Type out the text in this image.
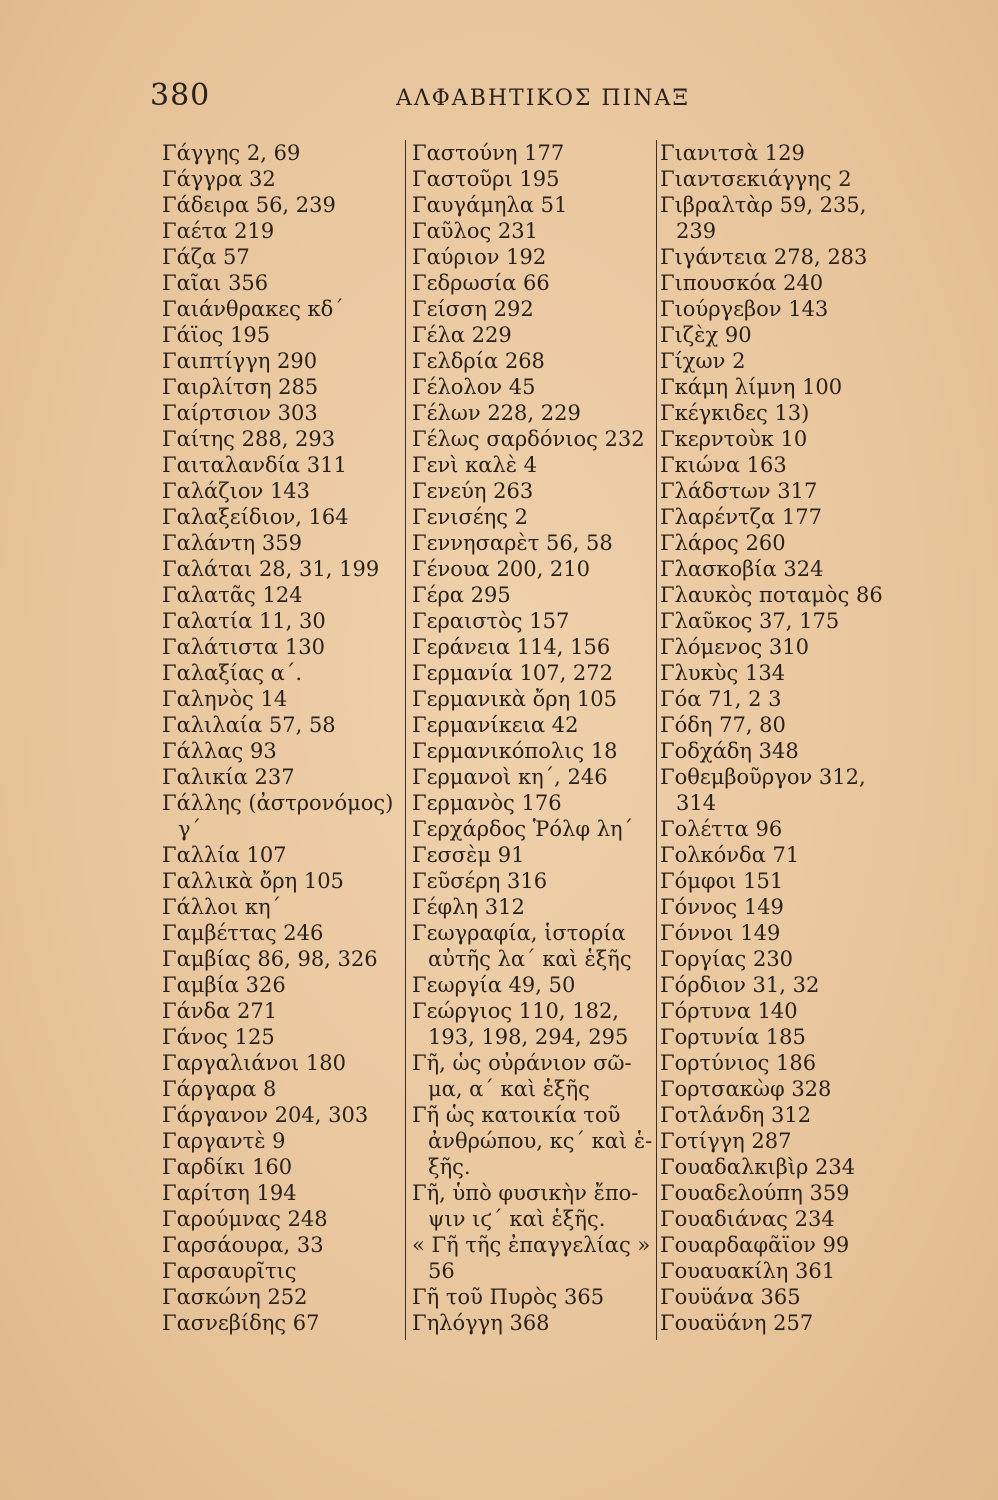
380	ΑΛΦΑΒΗΤΙΚΟΣ ΠΙΝΑΞ
Γάγγης 2, 69
Γάγγρα 32
Γάδειρα 56, 239
Γαέτα 219
Γάζα 57
Γαῖαι 356
Γαιάνθρακες κδ΄
Γάϊος 195
Γαιπτίγγη 290
Γαιρλίτση 285
Γαίρτσιον 303
Γαίτης 288, 293
Γαιταλανδία 311
Γαλάζιον 143
Γαλαξείδιον, 164
Γαλάντη 359
Γαλάται 28, 31, 199
Γαλατᾶς 124
Γαλατία 11, 30
Γαλάτιστα 130
Γαλαξίας α΄.
Γαληνὸς 14
Γαλιλαία 57, 58
Γάλλας 93
Γαλικία 237
Γάλλης (ἀστρονόμος)
γ΄
Γαλλία 107
Γαλλικὰ ὄρη 105
Γάλλοι κη΄
Γαμβέττας 246
Γαμβίας 86, 98, 326
Γαμβία 326
Γάνδα 271
Γάνος 125
Γαργαλιάνοι 180
Γάργαρα 8
Γάργανον 204, 303
Γαργαντὲ 9
Γαρδίκι 160
Γαρίτση 194
Γαρούμνας 248
Γαρσάουρα, 33
Γαρσαυρῖτις
Γασκώνη 252
Γασνεβίδης 67
Γαστούνη 177
Γαστοῦρι 195
Γαυγάμηλα 51
Γαῦλος 231
Γαύριον 192
Γεδρωσία 66
Γείσση 292
Γέλα 229
Γελδρία 268
Γέλολον 45
Γέλων 228, 229
Γέλως σαρδόνιος 232
Γενὶ καλὲ 4
Γενεύη 263
Γενισέης 2
Γεννησαρὲτ 56, 58
Γένουα 200, 210
Γέρα 295
Γεραιστὸς 157
Γεράνεια 114, 156
Γερμανία 107, 272
Γερμανικὰ ὄρη 105
Γερμανίκεια 42
Γερμανικόπολις 18
Γερμανοὶ κη΄, 246
Γερμανὸς 176
Γερχάρδος Ῥόλφ λη΄
Γεσσὲμ 91
Γεῦσέρη 316
Γέφλη 312
Γεωγραφία, ἱστορία
αὐτῆς λα΄ καὶ ἑξῆς
Γεωργία 49, 50
Γεώργιος 110, 182,
193, 198, 294, 295
Γῆ, ὡς οὐράνιον σῶ-
μα, α΄ καὶ ἑξῆς
Γῆ ὡς κατοικία τοῦ
ἀνθρώπου, κς΄ καὶ ἑ-
ξῆς.
Γῆ, ὑπὸ φυσικὴν ἔπο-
ψιν ιϛ΄ καὶ ἑξῆς.
« Γῆ τῆς ἐπαγγελίας »
56
Γῆ τοῦ Πυρὸς 365
Γηλόγγη 368
Γιανιτσὰ 129
Γιαντσεκιάγγης 2
Γιβραλτὰρ 59, 235,
239
Γιγάντεια 278, 283
Γιπουσκόα 240
Γιούργεβον 143
Γιζὲχ 90
Γίχων 2
Γκάμη λίμνη 100
Γκέγκιδες 13)
Γκερντοὺκ 10
Γκιώνα 163
Γλάδστων 317
Γλαρέντζα 177
Γλάρος 260
Γλασκοβία 324
Γλαυκὸς ποταμὸς 86
Γλαῦκος 37, 175
Γλόμενος 310
Γλυκὺς 134
Γόα 71, 2 3
Γόδη 77, 80
Γοδχάδη 348
Γοθεμβοῦργον 312,
314
Γολέττα 96
Γολκόνδα 71
Γόμφοι 151
Γόννος 149
Γόννοι 149
Γοργίας 230
Γόρδιον 31, 32
Γόρτυνα 140
Γορτυνία 185
Γορτύνιος 186
Γορτσακὼφ 328
Γοτλάνδη 312
Γοτίγγη 287
Γουαδαλκιβὶρ 234
Γουαδελούπη 359
Γουαδιάνας 234
Γουαρδαφᾶϊον 99
Γουαυακίλη 361
Γουϋάνα 365
Γουαϋάνη 257
